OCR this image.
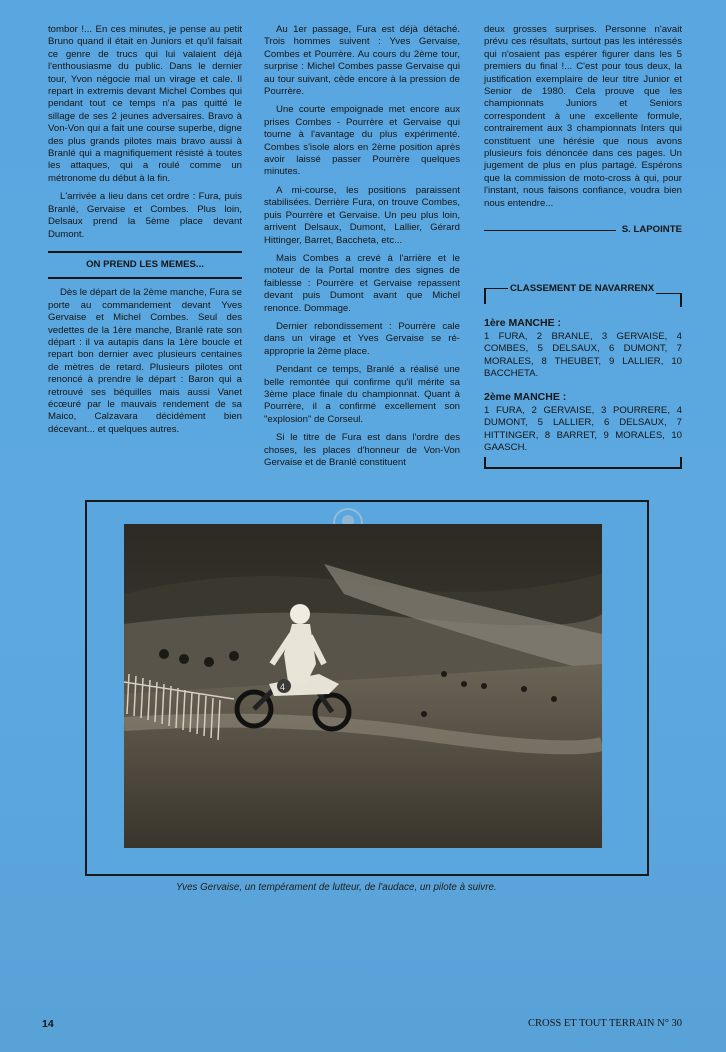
tombor !... En ces minutes, je pense au petit Bruno quand il était en Juniors et qu'il faisait ce genre de trucs qui lui valaient déjà l'enthousiasme du public. Dans le dernier tour, Yvon négocie mal un virage et cale. Il repart in extremis devant Michel Combes qui pendant tout ce temps n'a pas quitté le sillage de ses 2 jeunes adversaires. Bravo à Von-Von qui a fait une course superbe, digne des plus grands pilotes mais bravo aussi à Branlé qui a magnifiquement résisté à toutes les attaques, qui a roulé comme un métronome du début à la fin.

L'arrivée a lieu dans cet ordre : Fura, puis Branlé, Gervaise et Combes. Plus loin, Delsaux prend la 5ème place devant Dumont.

ON PREND LES MEMES...

Dès le départ de la 2ème manche, Fura se porte au commandement devant Yves Gervaise et Michel Combes. Seul des vedettes de la 1ère manche, Branlé rate son départ : il va autapis dans la 1ère boucle et repart bon dernier avec plusieurs centaines de mètres de retard. Plusieurs pilotes ont renoncé à prendre le départ : Baron qui a retrouvé ses béquilles mais aussi Vanet écœuré par le mauvais rendement de sa Maico, Calzavara décidément bien décevant... et quelques autres.

Au 1er passage, Fura est déjà détaché. Trois hommes suivent : Yves Gervaise, Combes et Pourrère. Au cours du 2ème tour, surprise : Michel Combes passe Gervaise qui au tour suivant, cède encore à la pression de Pourrère.

Une courte empoignade met encore aux prises Combes - Pourrère et Gervaise qui tourne à l'avantage du plus expérimenté. Combes s'isole alors en 2ème position après avoir laissé passer Pourrère quelques minutes.

A mi-course, les positions paraissent stabilisées. Derrière Fura, on trouve Combes, puis Pourrère et Gervaise. Un peu plus loin, arrivent Delsaux, Dumont, Lallier, Gérard Hittinger, Barret, Baccheta, etc...

Mais Combes a crevé à l'arrière et le moteur de la Portal montre des signes de faiblesse : Pourrère et Gervaise repassent devant puis Dumont avant que Michel renonce. Dommage.

Dernier rebondissement : Pourrère cale dans un virage et Yves Gervaise se ré-approprie la 2ème place.

Pendant ce temps, Branlé a réalisé une belle remontée qui confirme qu'il mérite sa 3ème place finale du championnat. Quant à Pourrère, il a confirmé excellement son "explosion" de Corseul.

Si le titre de Fura est dans l'ordre des choses, les places d'honneur de Von-Von Gervaise et de Branlé constituent

deux grosses surprises. Personne n'avait prévu ces résultats, surtout pas les intéressés qui n'osaient pas espérer figurer dans les 5 premiers du final !... C'est pour tous deux, la justification exemplaire de leur titre Junior et Senior de 1980. Cela prouve que les championnats Juniors et Seniors correspondent à une excellente formule, contrairement aux 3 championnats Inters qui constituent une hérésie que nous avons plusieurs fois dénoncée dans ces pages. Un jugement de plus en plus partagé. Espérons que la commission de moto-cross à qui, pour l'instant, nous faisons confiance, voudra bien nous entendre...

S. LAPOINTE
CLASSEMENT DE NAVARRENX
1ère MANCHE :
1 FURA, 2 BRANLE, 3 GERVAISE, 4 COMBES, 5 DELSAUX, 6 DUMONT, 7 MORALES, 8 THEUBET, 9 LALLIER, 10 BACCHETA.
2ème MANCHE :
1 FURA, 2 GERVAISE, 3 POURRERE, 4 DUMONT, 5 LALLIER, 6 DELSAUX, 7 HITTINGER, 8 BARRET, 9 MORALES, 10 GAASCH.
4
Yves Gervaise, un tempérament de lutteur, de l'audace, un pilote à suivre.
14	CROSS ET TOUT TERRAIN N° 30
